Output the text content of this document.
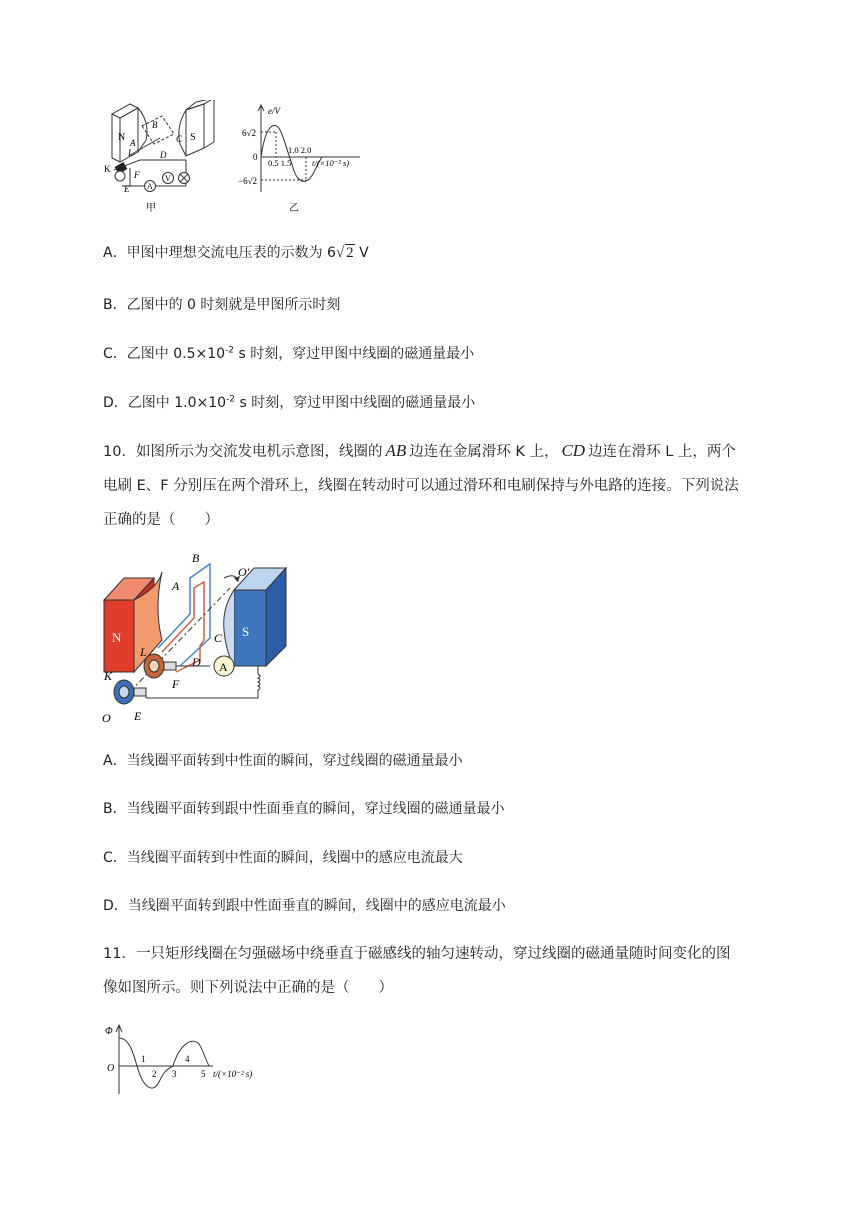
A
V
N	S
A
B
C
D
L
K
F
E
甲
e/V
6√2
0
−6√2
1.0 2.0
0.5 1.5 t/(×10⁻² s)
乙
A．甲图中理想交流电压表的示数为 6√ 2 V
B．乙图中的 0 时刻就是甲图所示时刻
C．乙图中 $0.5\times 10^{-2}$ s 时刻，穿过甲图中线圈的磁通量最小
D．乙图中 $1.0\times 10^{-2}$ s 时刻，穿过甲图中线圈的磁通量最小
10．如图所示为交流发电机示意图，线圈的 AB 边连在金属滑环 K 上， CD 边连在滑环 L 上，两个
电刷 E、F 分别压在两个滑环上，线圈在转动时可以通过滑环和电刷保持与外电路的连接。下列说法
正确的是（　　）
N	S
A
A
B
C
D
L
K
F
E
O
O′
A．当线圈平面转到中性面的瞬间，穿过线圈的磁通量最小
B．当线圈平面转到跟中性面垂直的瞬间，穿过线圈的磁通量最小
C．当线圈平面转到中性面的瞬间，线圈中的感应电流最大
D．当线圈平面转到跟中性面垂直的瞬间，线圈中的感应电流最小
11．一只矩形线圈在匀强磁场中绕垂直于磁感线的轴匀速转动，穿过线圈的磁通量随时间变化的图
像如图所示。则下列说法中正确的是（　　）
Φ
O
1
2 3
4
5 t/(×10⁻² s)
